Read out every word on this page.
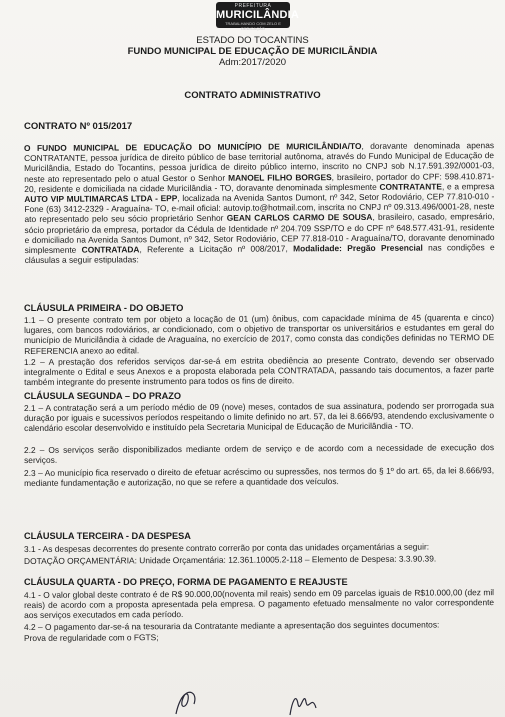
PREFEITURA
MURICILÂNDIA
TRABALHANDO COM ZELO E DEDICAÇÃO
ESTADO DO TOCANTINS
FUNDO MUNICIPAL DE EDUCAÇÃO DE MURICILÂNDIA
Adm:2017/2020
CONTRATO ADMINISTRATIVO
CONTRATO Nº 015/2017
O FUNDO MUNICIPAL DE EDUCAÇÃO DO MUNICÍPIO DE MURICILÂNDIA/TO, doravante denominada apenas CONTRATANTE, pessoa jurídica de direito público de base territorial autônoma, através do Fundo Municipal de Educação de Muricilândia, Estado do Tocantins, pessoa jurídica de direito público interno, inscrito no CNPJ sob N.17.591.392/0001-03, neste ato representado pelo o atual Gestor o Senhor MANOEL FILHO BORGES, brasileiro, portador do CPF: 598.410.871-20, residente e domiciliada na cidade Muricilândia - TO, doravante denominada simplesmente CONTRATANTE, e a empresa AUTO VIP MULTIMARCAS LTDA - EPP, localizada na Avenida Santos Dumont, nº 342, Setor Rodoviário, CEP 77.810-010 - Fone (63) 3412-2329 - Araguaína- TO, e-mail oficial: autovip.to@hotmail.com, inscrita no CNPJ nº 09.313.496/0001-28, neste ato representado pelo seu sócio proprietário Senhor GEAN CARLOS CARMO DE SOUSA, brasileiro, casado, empresário, sócio proprietário da empresa, portador da Cédula de Identidade nº 204.709 SSP/TO e do CPF nº 648.577.431-91, residente e domiciliado na Avenida Santos Dumont, nº 342, Setor Rodoviário, CEP 77.818-010 - Araguaína/TO, doravante denominado simplesmente CONTRATADA, Referente a Licitação nº 008/2017, Modalidade: Pregão Presencial nas condições e cláusulas a seguir estipuladas:
CLÁUSULA PRIMEIRA - DO OBJETO
1.1 – O presente contrato tem por objeto a locação de 01 (um) ônibus, com capacidade mínima de 45 (quarenta e cinco) lugares, com bancos rodoviários, ar condicionado, com o objetivo de transportar os universitários e estudantes em geral do município de Muricilândia à cidade de Araguaína, no exercício de 2017, como consta das condições definidas no TERMO DE REFERENCIA anexo ao edital.
1.2 – A prestação dos referidos serviços dar-se-á em estrita obediência ao presente Contrato, devendo ser observado integralmente o Edital e seus Anexos e a proposta elaborada pela CONTRATADA, passando tais documentos, a fazer parte também integrante do presente instrumento para todos os fins de direito.
CLÁUSULA SEGUNDA – DO PRAZO
2.1 – A contratação será a um período médio de 09 (nove) meses, contados de sua assinatura, podendo ser prorrogada sua duração por iguais e sucessivos períodos respeitando o limite definido no art. 57, da lei 8.666/93, atendendo exclusivamente o calendário escolar desenvolvido e instituído pela Secretaria Municipal de Educação de Muricilândia - TO.
2.2 – Os serviços serão disponibilizados mediante ordem de serviço e de acordo com a necessidade de execução dos serviços.
2.3 – Ao município fica reservado o direito de efetuar acréscimo ou supressões, nos termos do § 1º do art. 65, da lei 8.666/93, mediante fundamentação e autorização, no que se refere a quantidade dos veículos.
CLÁUSULA TERCEIRA - DA DESPESA
3.1 - As despesas decorrentes do presente contrato correrão por conta das unidades orçamentárias a seguir:
DOTAÇÃO ORÇAMENTÁRIA: Unidade Orçamentária: 12.361.10005.2-118 – Elemento de Despesa: 3.3.90.39.
CLÁUSULA QUARTA - DO PREÇO, FORMA DE PAGAMENTO E REAJUSTE
4.1 - O valor global deste contrato é de R$ 90.000,00(noventa mil reais) sendo em 09 parcelas iguais de R$10.000,00 (dez mil reais) de acordo com a proposta apresentada pela empresa. O pagamento efetuado mensalmente no valor correspondente aos serviços executados em cada período.
4.2 – O pagamento dar-se-á na tesouraria da Contratante mediante a apresentação dos seguintes documentos:
Prova de regularidade com o FGTS;
